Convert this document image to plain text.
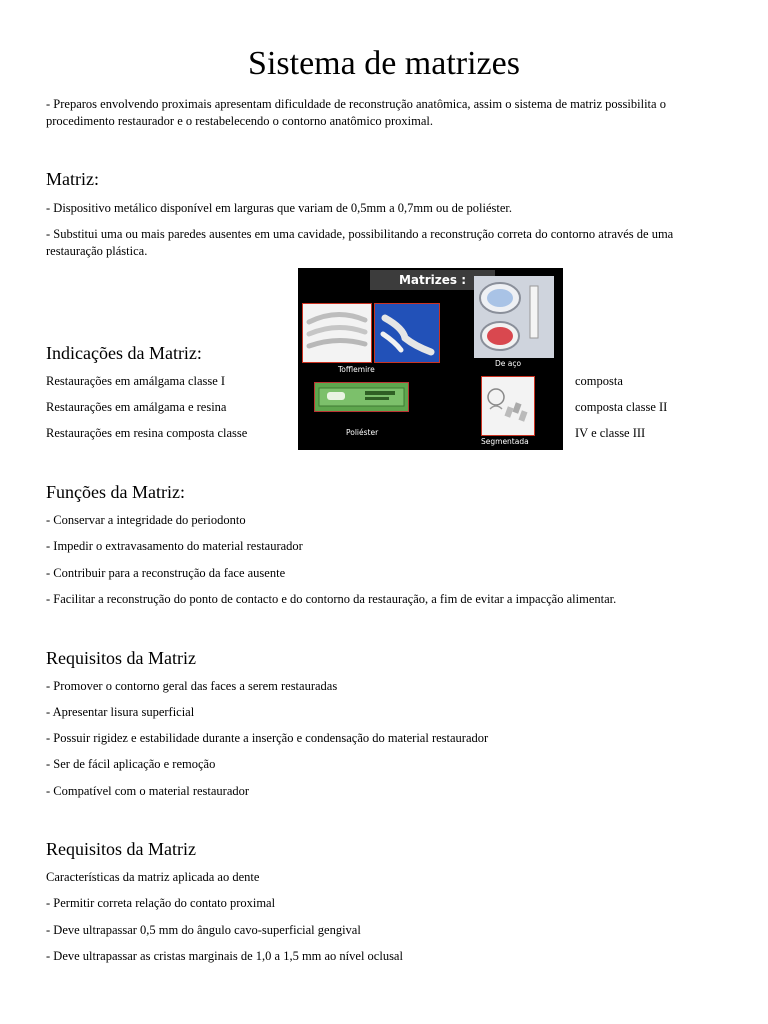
Sistema de matrizes
- Preparos envolvendo proximais apresentam dificuldade de reconstrução anatômica, assim o sistema de matriz possibilita o procedimento restaurador e o restabelecendo o contorno anatômico proximal.
Matriz:
- Dispositivo metálico disponível em larguras que variam de 0,5mm a 0,7mm ou de poliéster.
- Substitui uma ou mais paredes ausentes em uma cavidade, possibilitando a reconstrução correta do contorno através de uma restauração plástica.
Matrizes :
Tofflemire
De aço
Poliéster
Segmentada
Indicações da Matriz:
Restaurações em amálgama classe I
Restaurações em amálgama e resina
Restaurações em resina composta classe
composta
composta classe II
IV e classe III
Funções da Matriz:
- Conservar a integridade do periodonto
- Impedir o extravasamento do material restaurador
- Contribuir para a reconstrução da face ausente
- Facilitar a reconstrução do ponto de contacto e do contorno da restauração, a fim de evitar a impacção alimentar.
Requisitos da Matriz
- Promover o contorno geral das faces a serem restauradas
- Apresentar lisura superficial
- Possuir rigidez e estabilidade durante a inserção e condensação do material restaurador
- Ser de fácil aplicação e remoção
- Compatível com o material restaurador
Requisitos da Matriz
Características da matriz aplicada ao dente
- Permitir correta relação do contato proximal
- Deve ultrapassar 0,5 mm do ângulo cavo-superficial gengival
- Deve ultrapassar as cristas marginais de 1,0 a 1,5 mm ao nível oclusal
